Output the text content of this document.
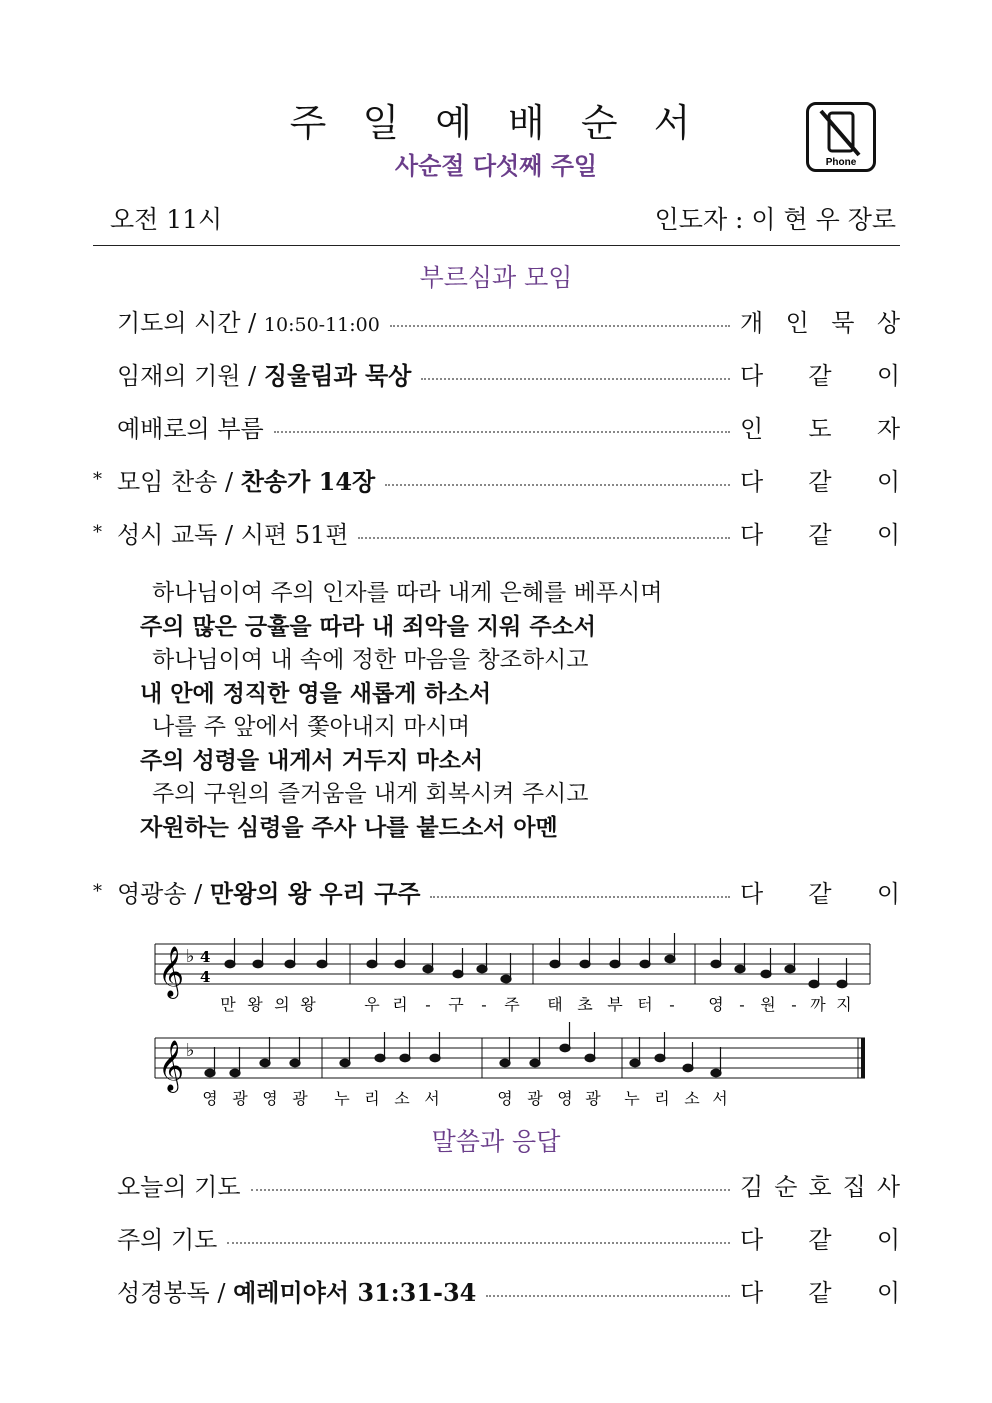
주 일 예 배 순 서
사순절 다섯째 주일	Phone
오전 11시	인도자 : 이 현 우 장로
부르심과 모임
기도의 시간 / 10:50-11:00	개 인 묵 상
임재의 기원 / 징울림과 묵상	다 같 이
예배로의 부름	인 도 자
* 모임 찬송 / 찬송가 14장	다 같 이
* 성시 교독 / 시편 51편	다 같 이
하나님이여 주의 인자를 따라 내게 은혜를 베푸시며
주의 많은 긍휼을 따라 내 죄악을 지워 주소서
하나님이여 내 속에 정한 마음을 창조하시고
내 안에 정직한 영을 새롭게 하소서
나를 주 앞에서 쫓아내지 마시며
주의 성령을 내게서 거두지 마소서
주의 구원의 즐거움을 내게 회복시켜 주시고
자원하는 심령을 주사 나를 붙드소서 아멘
* 영광송 / 만왕의 왕 우리 구주	다 같 이
𝄞
𝄞
♭
♭
4
4
만 왕 의 왕	우 리 - 구 - 주 태 초 부 터 - 영 - 원 - 까 지
영 광 영 광 누 리 소 서	영 광 영 광 누 리 소 서
말씀과 응답
오늘의 기도	김 순 호 집 사
주의 기도	다 같 이
성경봉독 / 예레미야서 31:31-34	다 같 이
